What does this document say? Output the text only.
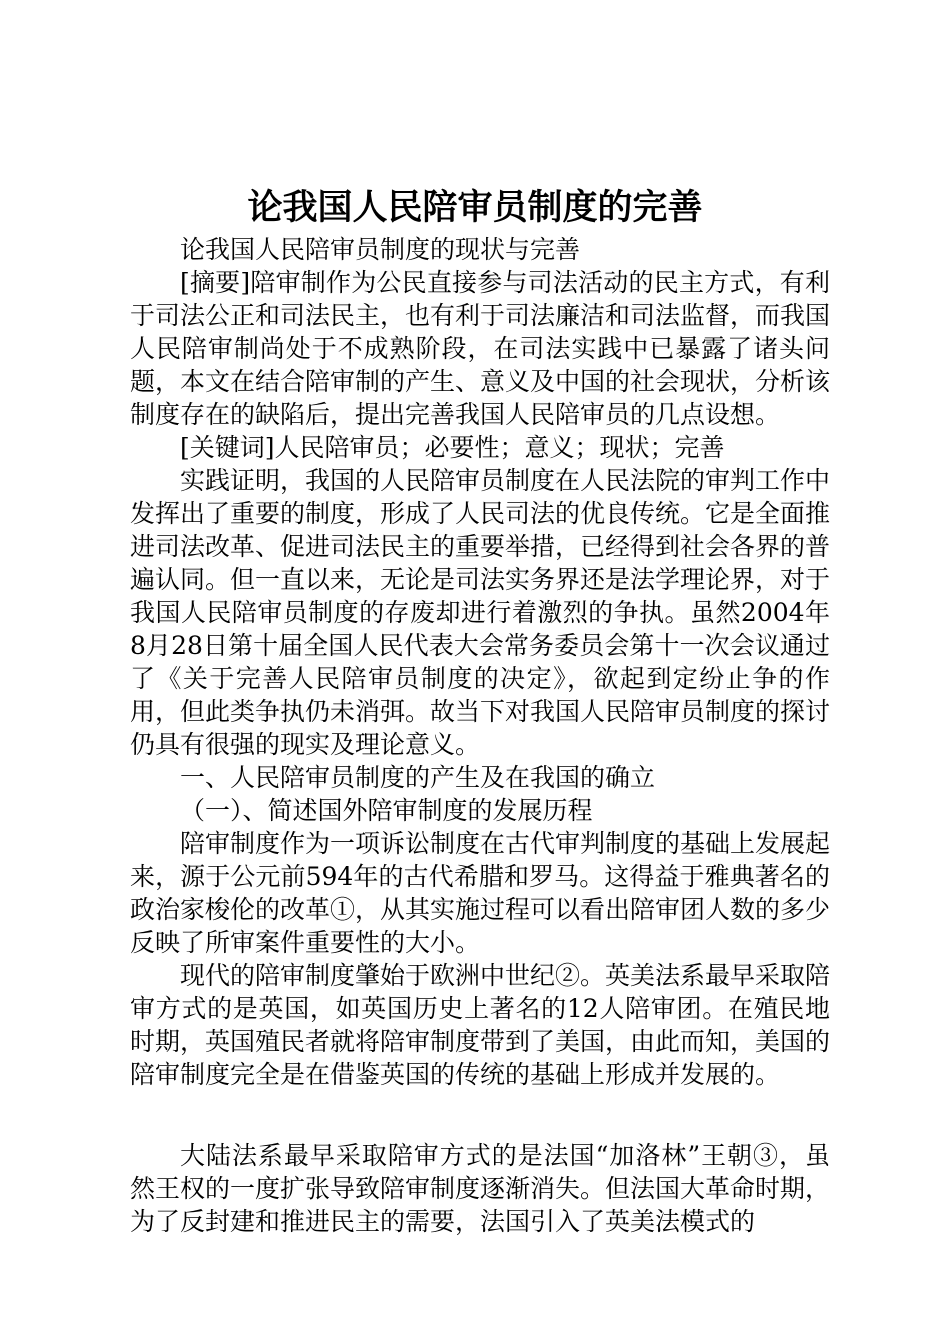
论我国人民陪审员制度的完善

论我国人民陪审员制度的现状与完善

[摘要]陪审制作为公民直接参与司法活动的民主方式，有利于司法公正和司法民主，也有利于司法廉洁和司法监督，而我国人民陪审制尚处于不成熟阶段，在司法实践中已暴露了诸头问题，本文在结合陪审制的产生、意义及中国的社会现状，分析该制度存在的缺陷后，提出完善我国人民陪审员的几点设想。

[关键词]人民陪审员；必要性；意义；现状；完善

实践证明，我国的人民陪审员制度在人民法院的审判工作中发挥出了重要的制度，形成了人民司法的优良传统。它是全面推进司法改革、促进司法民主的重要举措，已经得到社会各界的普遍认同。但一直以来，无论是司法实务界还是法学理论界，对于我国人民陪审员制度的存废却进行着激烈的争执。虽然2004年8月28日第十届全国人民代表大会常务委员会第十一次会议通过了《关于完善人民陪审员制度的决定》，欲起到定纷止争的作用，但此类争执仍未消弭。故当下对我国人民陪审员制度的探讨仍具有很强的现实及理论意义。

一、人民陪审员制度的产生及在我国的确立

（一）、简述国外陪审制度的发展历程

陪审制度作为一项诉讼制度在古代审判制度的基础上发展起来，源于公元前594年的古代希腊和罗马。这得益于雅典著名的政治家梭伦的改革①，从其实施过程可以看出陪审团人数的多少反映了所审案件重要性的大小。

现代的陪审制度肇始于欧洲中世纪②。英美法系最早采取陪审方式的是英国，如英国历史上著名的12人陪审团。在殖民地时期，英国殖民者就将陪审制度带到了美国，由此而知，美国的陪审制度完全是在借鉴英国的传统的基础上形成并发展的。

大陆法系最早采取陪审方式的是法国“加洛林”王朝③，虽然王权的一度扩张导致陪审制度逐渐消失。但法国大革命时期，为了反封建和推进民主的需要，法国引入了英美法模式的
